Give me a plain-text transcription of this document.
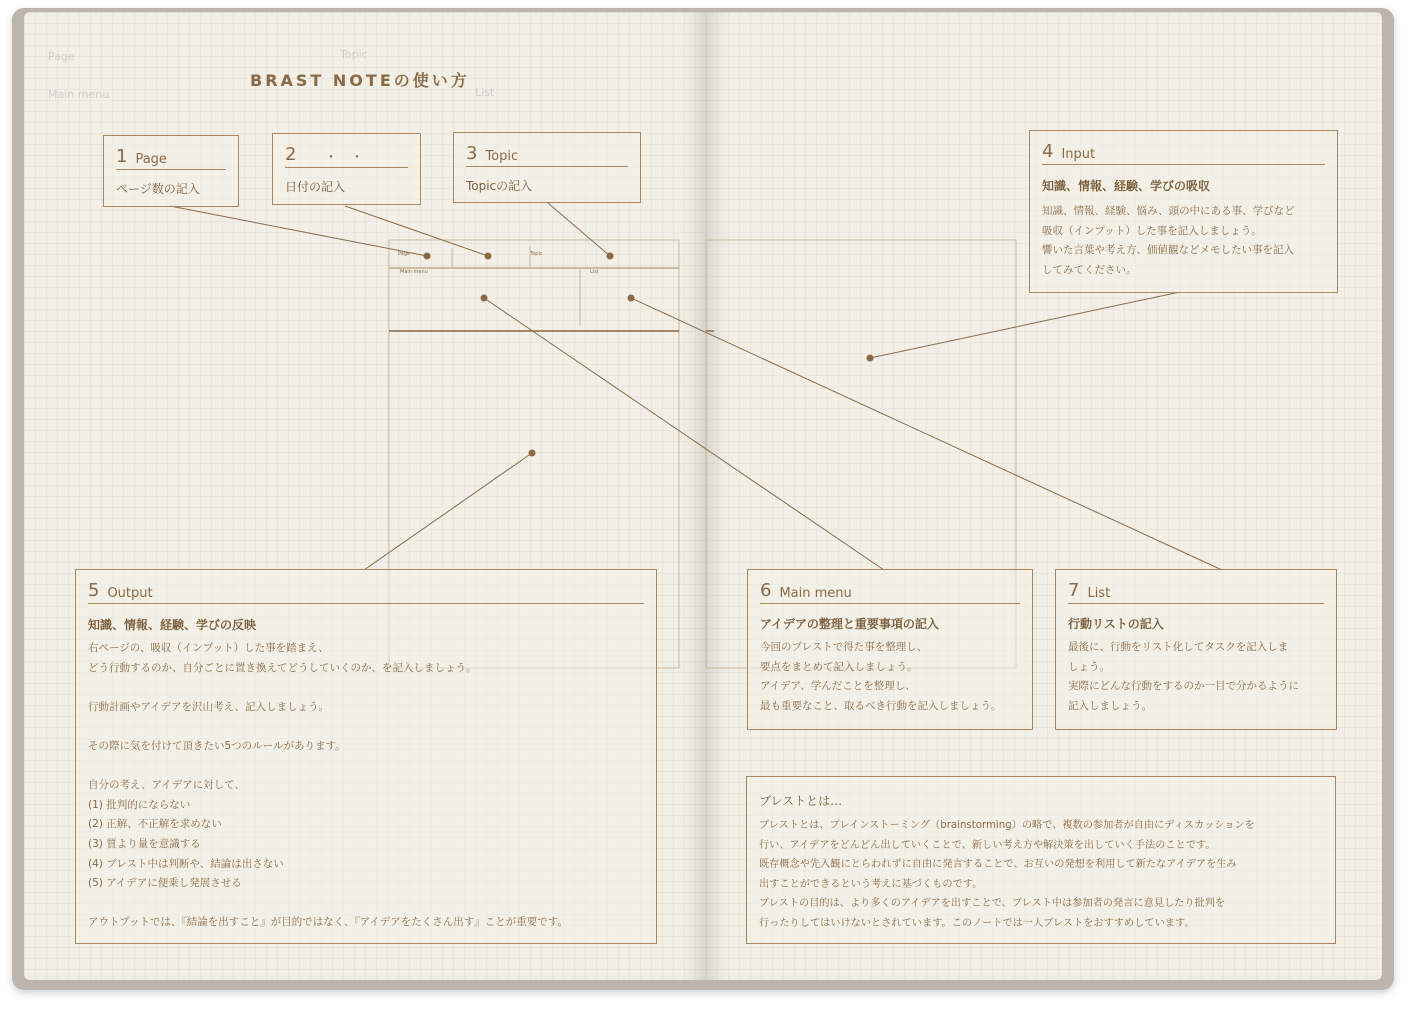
Page	Topic
Main menu	List
BRAST NOTEの使い方
Page	Topic
Main menu	List
1 Page
ページ数の記入
2 ・　・
日付の記入
3 Topic
Topicの記入
4 Input
知識、情報、経験、学びの吸収

知識、情報、経験、悩み、頭の中にある事、学びなど

吸収（インプット）した事を記入しましょう。

響いた言葉や考え方、価値観などメモしたい事を記入

してみてください。

5 Output
知識、情報、経験、学びの反映

右ページの、吸収（インプット）した事を踏まえ、

どう行動するのか、自分ごとに置き換えてどうしていくのか、を記入しましょう。

行動計画やアイデアを沢山考え、記入しましょう。

その際に気を付けて頂きたい5つのルールがあります。

自分の考え、アイデアに対して、

(1) 批判的にならない

(2) 正解、不正解を求めない

(3) 質より量を意識する

(4) ブレスト中は判断や、結論は出さない

(5) アイデアに便乗し発展させる

アウトプットでは、『結論を出すこと』が目的ではなく、『アイデアをたくさん出す』ことが重要です。

6 Main menu
アイデアの整理と重要事項の記入

今回のブレストで得た事を整理し、

要点をまとめて記入しましょう。

アイデア、学んだことを整理し、

最も重要なこと、取るべき行動を記入しましょう。

7 List
行動リストの記入

最後に、行動をリスト化してタスクを記入しま

しょう。

実際にどんな行動をするのか一目で分かるように

記入しましょう。

ブレストとは…

ブレストとは、ブレインストーミング（brainstorming）の略で、複数の参加者が自由にディスカッションを

行い、アイデアをどんどん出していくことで、新しい考え方や解決策を出していく手法のことです。

既存概念や先入観にとらわれずに自由に発言することで、お互いの発想を利用して新たなアイデアを生み

出すことができるという考えに基づくものです。

ブレストの目的は、より多くのアイデアを出すことで、ブレスト中は参加者の発言に意見したり批判を

行ったりしてはいけないとされています。このノートでは一人ブレストをおすすめしています。
